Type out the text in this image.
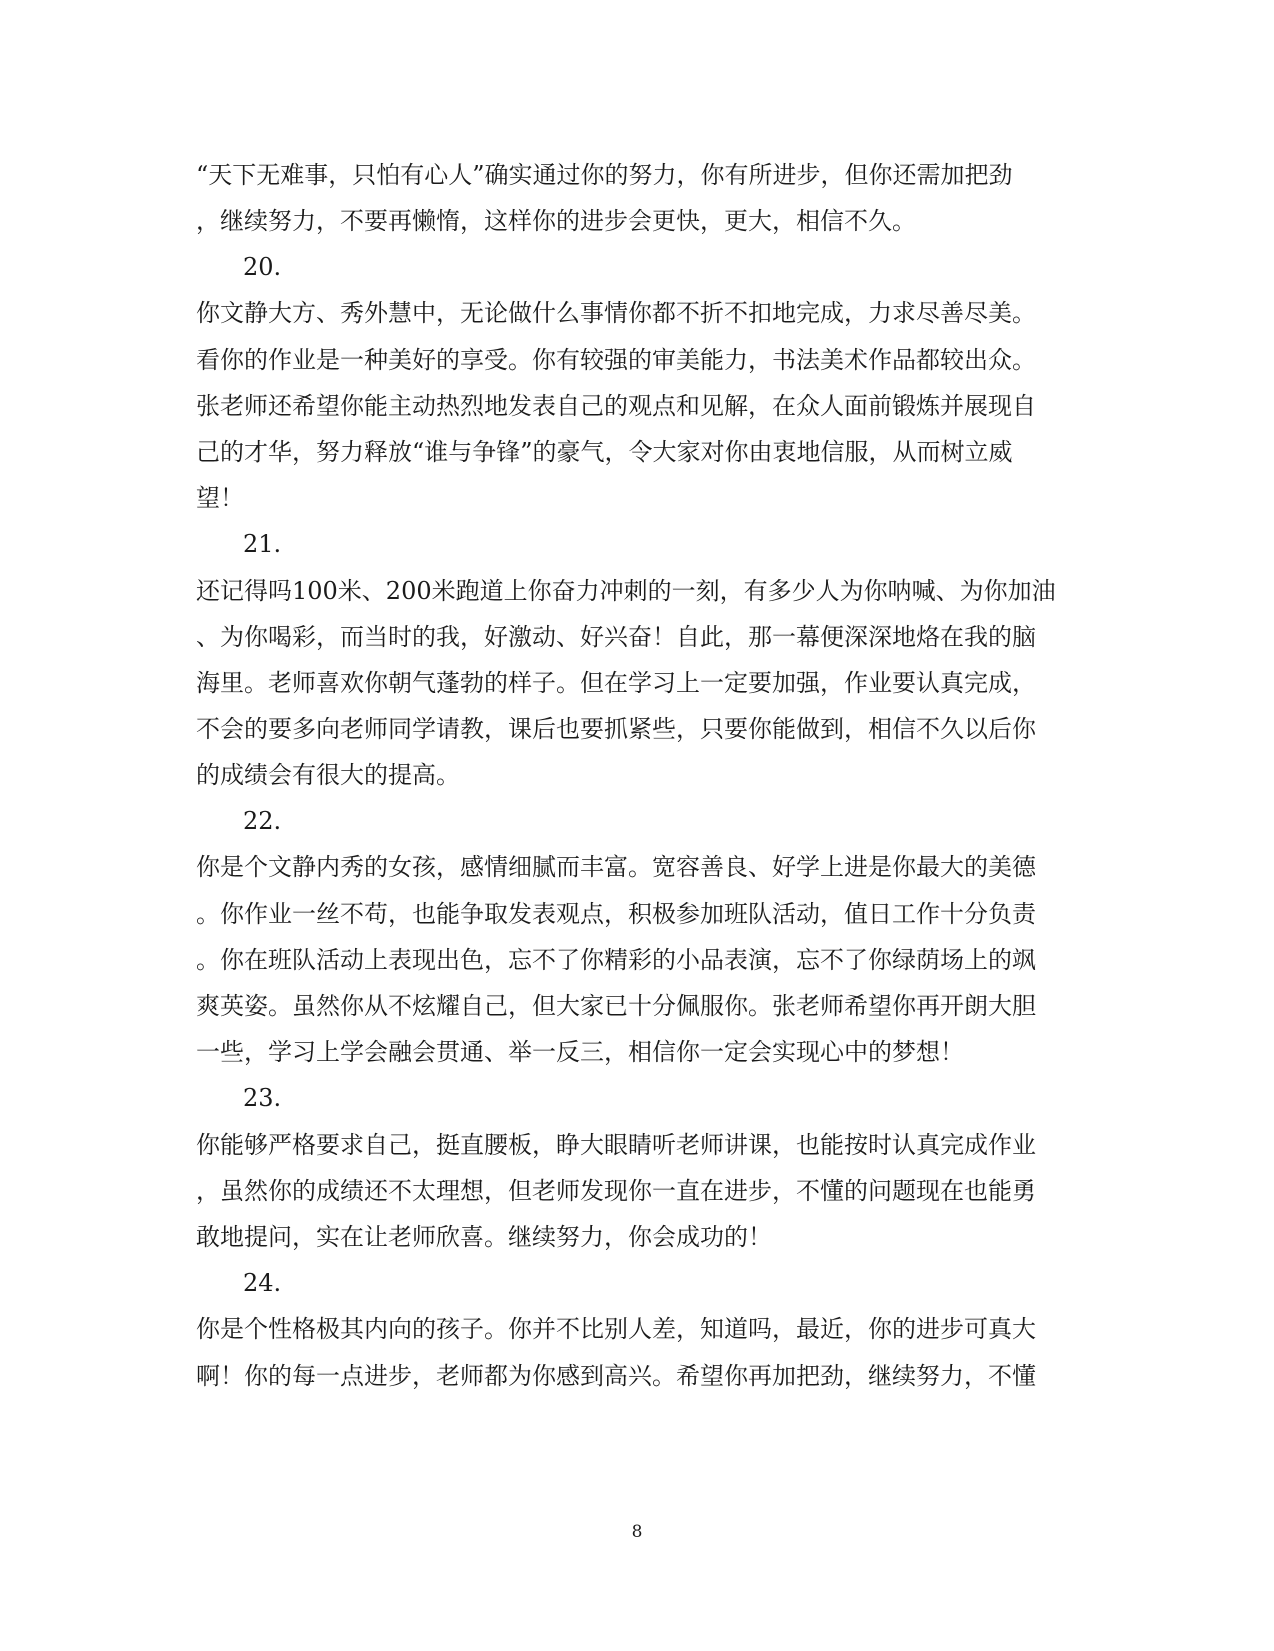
“天下无难事，只怕有心人”确实通过你的努力，你有所进步，但你还需加把劲
，继续努力，不要再懒惰，这样你的进步会更快，更大，相信不久。
20.
你文静大方、秀外慧中，无论做什么事情你都不折不扣地完成，力求尽善尽美。
看你的作业是一种美好的享受。你有较强的审美能力，书法美术作品都较出众。
张老师还希望你能主动热烈地发表自己的观点和见解，在众人面前锻炼并展现自
己的才华，努力释放“谁与争锋”的豪气，令大家对你由衷地信服，从而树立威
望！
21.
还记得吗100米、200米跑道上你奋力冲刺的一刻，有多少人为你呐喊、为你加油
、为你喝彩，而当时的我，好激动、好兴奋！自此，那一幕便深深地烙在我的脑
海里。老师喜欢你朝气蓬勃的样子。但在学习上一定要加强，作业要认真完成，
不会的要多向老师同学请教，课后也要抓紧些，只要你能做到，相信不久以后你
的成绩会有很大的提高。
22.
你是个文静内秀的女孩，感情细腻而丰富。宽容善良、好学上进是你最大的美德
。你作业一丝不苟，也能争取发表观点，积极参加班队活动，值日工作十分负责
。你在班队活动上表现出色，忘不了你精彩的小品表演，忘不了你绿荫场上的飒
爽英姿。虽然你从不炫耀自己，但大家已十分佩服你。张老师希望你再开朗大胆
一些，学习上学会融会贯通、举一反三，相信你一定会实现心中的梦想！
23.
你能够严格要求自己，挺直腰板，睁大眼睛听老师讲课，也能按时认真完成作业
，虽然你的成绩还不太理想，但老师发现你一直在进步，不懂的问题现在也能勇
敢地提问，实在让老师欣喜。继续努力，你会成功的！
24.
你是个性格极其内向的孩子。你并不比别人差，知道吗，最近，你的进步可真大
啊！你的每一点进步，老师都为你感到高兴。希望你再加把劲，继续努力，不懂
8
